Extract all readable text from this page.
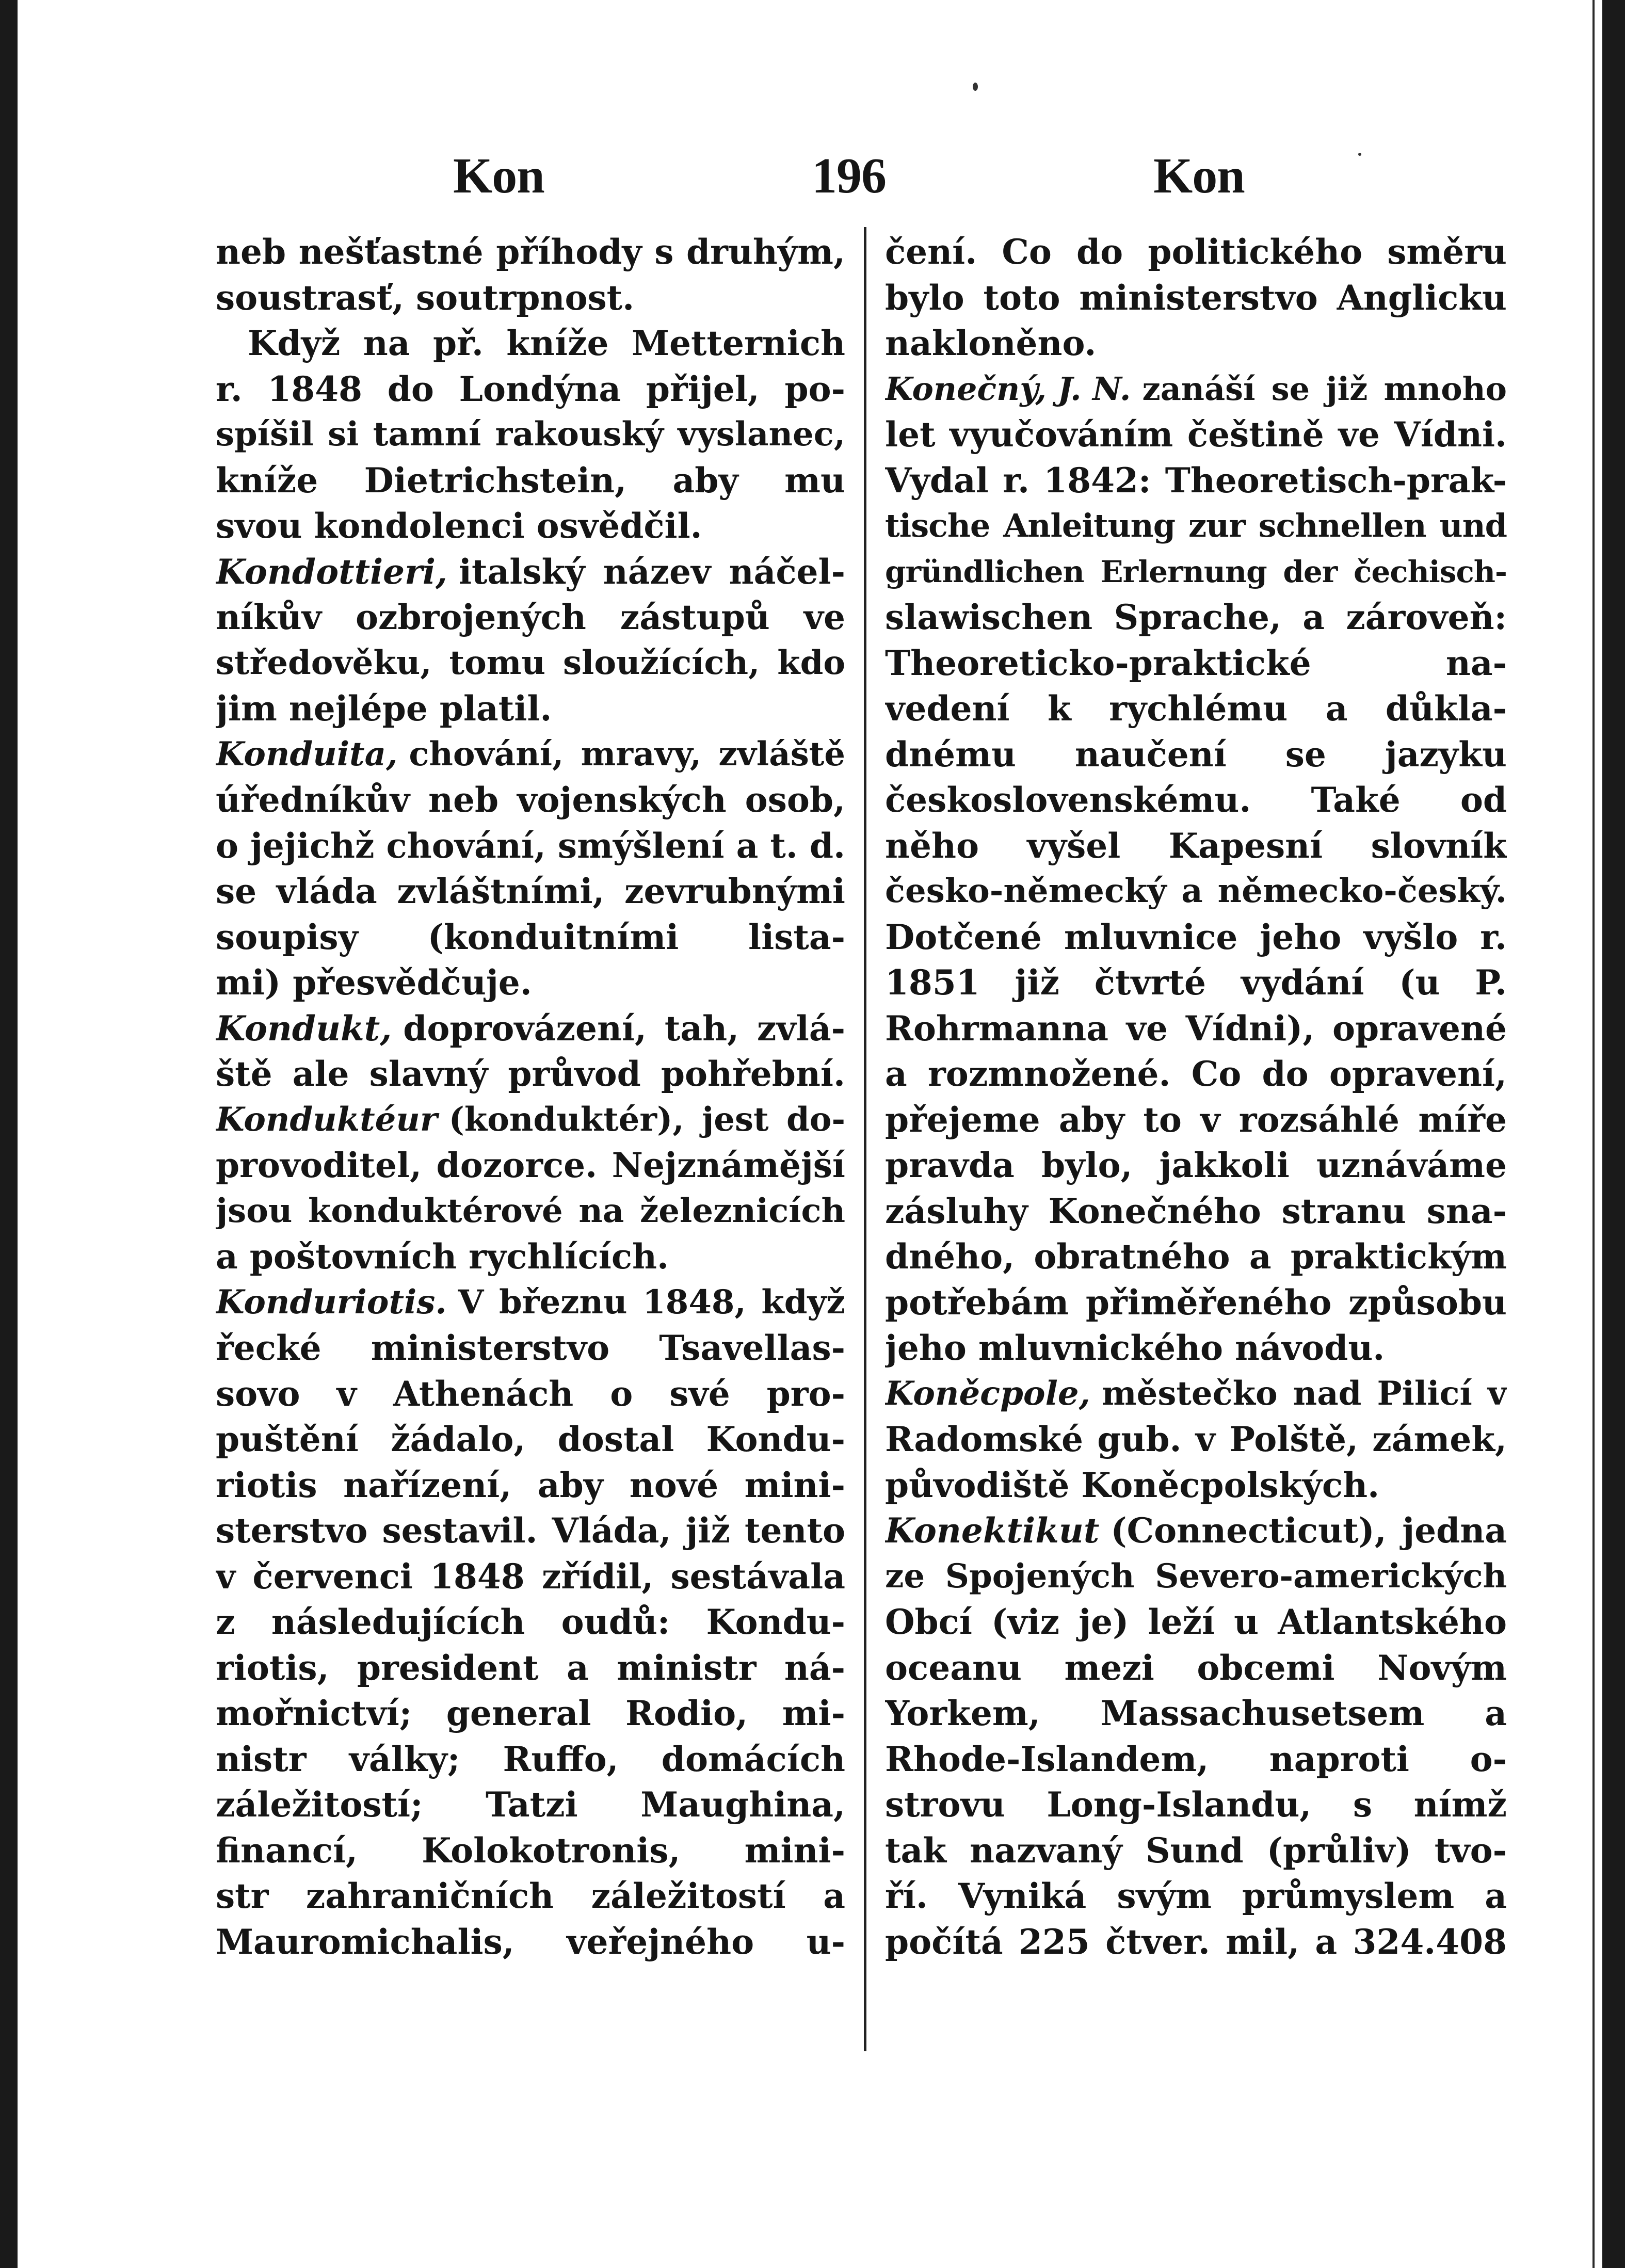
Kon	196	Kon
neb nešťastné příhody s druhým,
soustrasť, soutrpnost.
Když na př. kníže Metternich
r. 1848 do Londýna přijel, po-
spíšil si tamní rakouský vyslanec,
kníže Dietrichstein, aby mu
svou kondolenci osvědčil.
Kondottieri, italský název náčel-
níkův ozbrojených zástupů ve
středověku, tomu sloužících, kdo
jim nejlépe platil.
Konduita, chování, mravy, zvláště
úředníkův neb vojenských osob,
o jejichž chování, smýšlení a t. d.
se vláda zvláštními, zevrubnými
soupisy (konduitními lista-
mi) přesvědčuje.
Kondukt, doprovázení, tah, zvlá-
ště ale slavný průvod pohřební.
Konduktéur (konduktér), jest do-
provoditel, dozorce. Nejznámější
jsou konduktérové na železnicích
a poštovních rychlících.
Konduriotis. V březnu 1848, když
řecké ministerstvo Tsavellas-
sovo v Athenách o své pro-
puštění žádalo, dostal Kondu-
riotis nařízení, aby nové mini-
sterstvo sestavil. Vláda, již tento
v červenci 1848 zřídil, sestávala
z následujících oudů: Kondu-
riotis, president a ministr ná-
mořnictví; general Rodio, mi-
nistr války; Ruffo, domácích
záležitostí; Tatzi Maughina,
financí, Kolokotronis, mini-
str zahraničních záležitostí a
Mauromichalis, veřejného u-
čení. Co do politického směru
bylo toto ministerstvo Anglicku
nakloněno.
Konečný, J. N. zanáší se již mnoho
let vyučováním češtině ve Vídni.
Vydal r. 1842: Theoretisch-prak-
tische Anleitung zur schnellen und
gründlichen Erlernung der čechisch-
slawischen Sprache, a zároveň:
Theoreticko-praktické na-
vedení k rychlému a důkla-
dnému naučení se jazyku
československému. Také od
něho vyšel Kapesní slovník
česko-německý a německo-český.
Dotčené mluvnice jeho vyšlo r.
1851 již čtvrté vydání (u P.
Rohrmanna ve Vídni), opravené
a rozmnožené. Co do opravení,
přejeme aby to v rozsáhlé míře
pravda bylo, jakkoli uznáváme
zásluhy Konečného stranu sna-
dného, obratného a praktickým
potřebám přiměřeného způsobu
jeho mluvnického návodu.
Koněcpole, městečko nad Pilicí v
Radomské gub. v Polště, zámek,
původiště Koněcpolských.
Konektikut (Connecticut), jedna
ze Spojených Severo-amerických
Obcí (viz je) leží u Atlantského
oceanu mezi obcemi Novým
Yorkem, Massachusetsem a
Rhode-Islandem, naproti o-
strovu Long-Islandu, s nímž
tak nazvaný Sund (průliv) tvo-
ří. Vyniká svým průmyslem a
počítá 225 čtver. mil, a 324.408
